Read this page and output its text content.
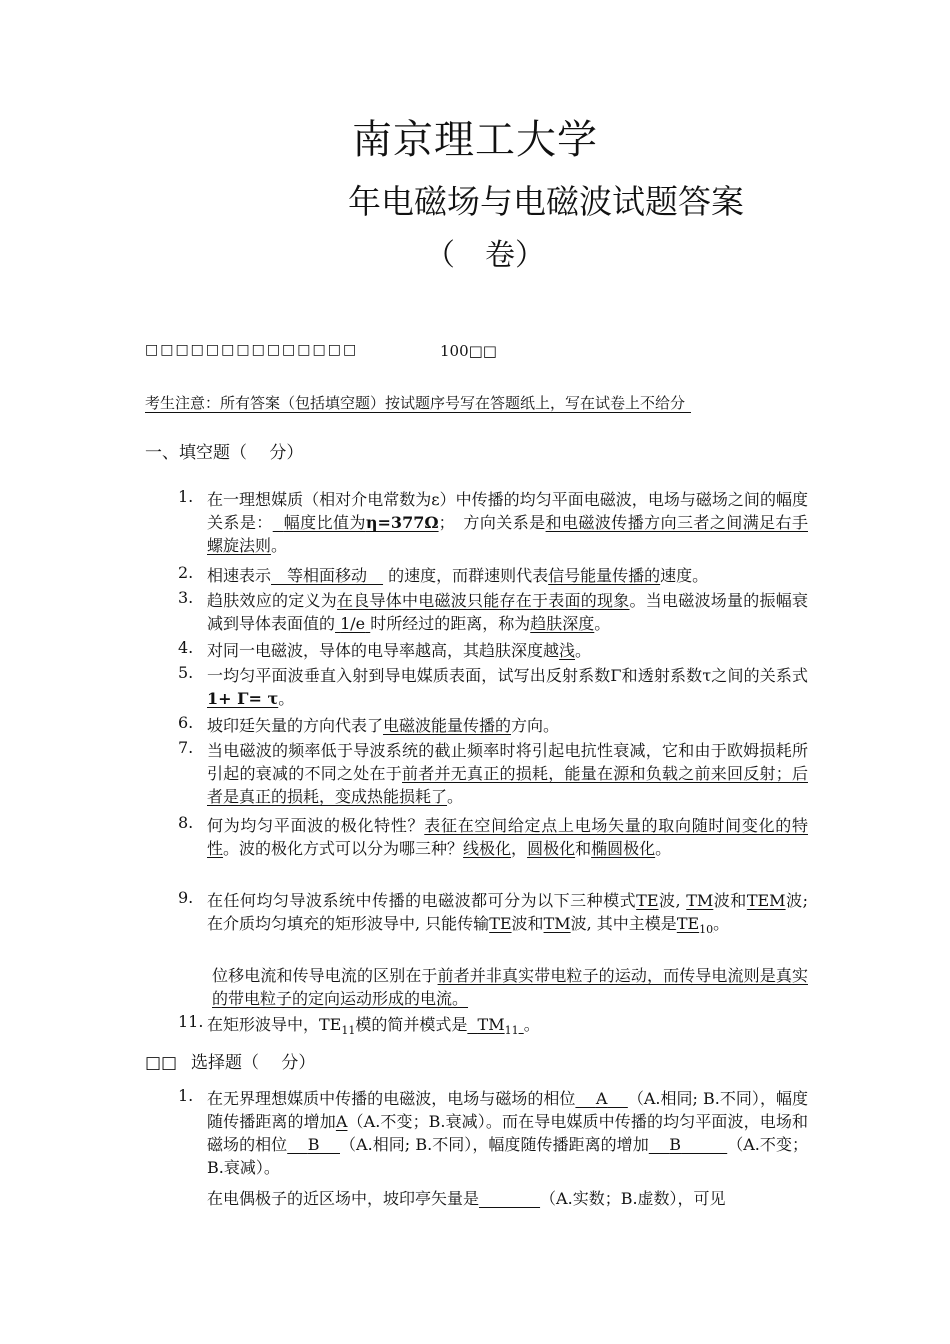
南京理工大学
年电磁场与电磁波试题答案
（　卷）
□□□□□□□□□□□□□□	100□□
考生注意：所有答案（包括填空题）按试题序号写在答题纸上，写在试卷上不给分
一、填空题（　 分）
1. 在一理想媒质（相对介电常数为ε）中传播的均匀平面电磁波，电场与磁场之间的幅度关系是： 幅度比值为η=377Ω；　方向关系是和电磁波传播方向三者之间满足右手螺旋法则。
2. 相速表示　等相面移动　 的速度，而群速则代表信号能量传播的速度。
3. 趋肤效应的定义为在良导体中电磁波只能存在于表面的现象。当电磁波场量的振幅衰减到导体表面值的 1/e 时所经过的距离，称为趋肤深度。
4. 对同一电磁波，导体的电导率越高，其趋肤深度越浅。
5. 一均匀平面波垂直入射到导电媒质表面，试写出反射系数Γ和透射系数τ之间的关系式1+ Γ= τ。
6. 坡印廷矢量的方向代表了电磁波能量传播的方向。
7. 当电磁波的频率低于导波系统的截止频率时将引起电抗性衰减，它和由于欧姆损耗所引起的衰减的不同之处在于前者并无真正的损耗，能量在源和负载之前来回反射；后者是真正的损耗，变成热能损耗了。
8. 何为均匀平面波的极化特性？表征在空间给定点上电场矢量的取向随时间变化的特性。波的极化方式可以分为哪三种？线极化，圆极化和椭圆极化。
9. 在任何均匀导波系统中传播的电磁波都可分为以下三种模式TE波, TM波和TEM波; 在介质均匀填充的矩形波导中, 只能传输TE波和TM波, 其中主模是$TE_{10}$。
位移电流和传导电流的区别在于前者并非真实带电粒子的运动，而传导电流则是真实的带电粒子的定向运动形成的电流。
11. 在矩形波导中，$TE_{11}$模的简并模式是 $TM_{11}$ 。
□□ 选择题（　 分）
1. 在无界理想媒质中传播的电磁波，电场与磁场的相位 A （A.相同; B.不同），幅度随传播距离的增加A（A.不变；B.衰减）。而在导电媒质中传播的均匀平面波，电场和磁场的相位 B （A.相同; B.不同），幅度随传播距离的增加 B	（A.不变；B.衰减）。
在电偶极子的近区场中，坡印亭矢量是	（A.实数；B.虚数），可见
